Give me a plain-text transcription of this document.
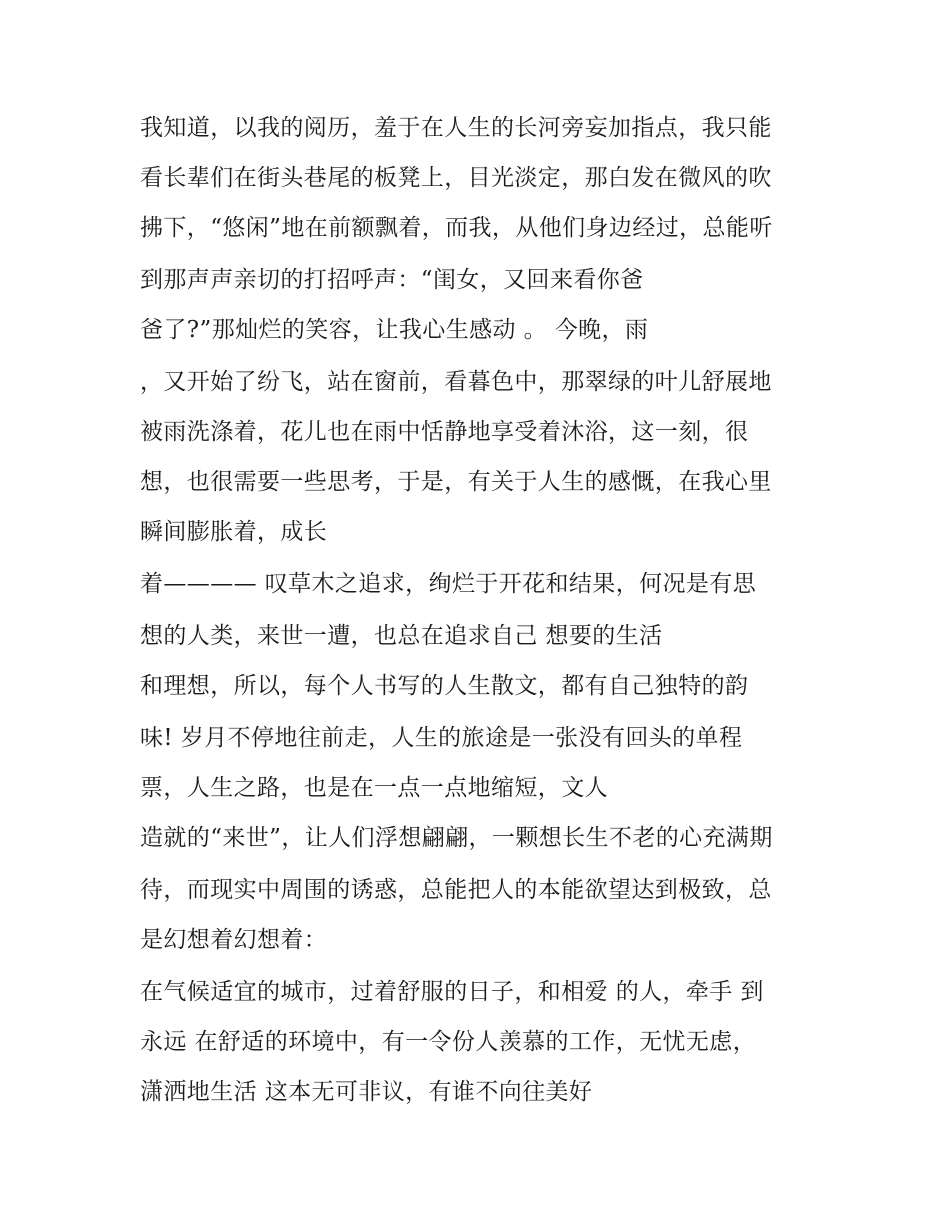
我知道，以我的阅历，羞于在人生的长河旁妄加指点，我只能

看长辈们在街头巷尾的板凳上，目光淡定，那白发在微风的吹

拂下，“悠闲”地在前额飘着，而我，从他们身边经过，总能听

到那声声亲切的打招呼声：“闺女，又回来看你爸

爸了?”那灿烂的笑容，让我心生感动 。 今晚，雨

，又开始了纷飞，站在窗前，看暮色中，那翠绿的叶儿舒展地

被雨洗涤着，花儿也在雨中恬静地享受着沐浴，这一刻，很

想，也很需要一些思考，于是，有关于人生的感慨，在我心里

瞬间膨胀着，成长

着———— 叹草木之追求，绚烂于开花和结果，何况是有思

想的人类，来世一遭，也总在追求自己 想要的生活

和理想，所以，每个人书写的人生散文，都有自己独特的韵

味! 岁月不停地往前走，人生的旅途是一张没有回头的单程

票，人生之路，也是在一点一点地缩短，文人

造就的“来世”，让人们浮想翩翩，一颗想长生不老的心充满期

待，而现实中周围的诱惑，总能把人的本能欲望达到极致，总

是幻想着幻想着：

在气候适宜的城市，过着舒服的日子，和相爱 的人，牵手 到

永远 在舒适的环境中，有一令份人羡慕的工作，无忧无虑，

潇洒地生活 这本无可非议，有谁不向往美好
